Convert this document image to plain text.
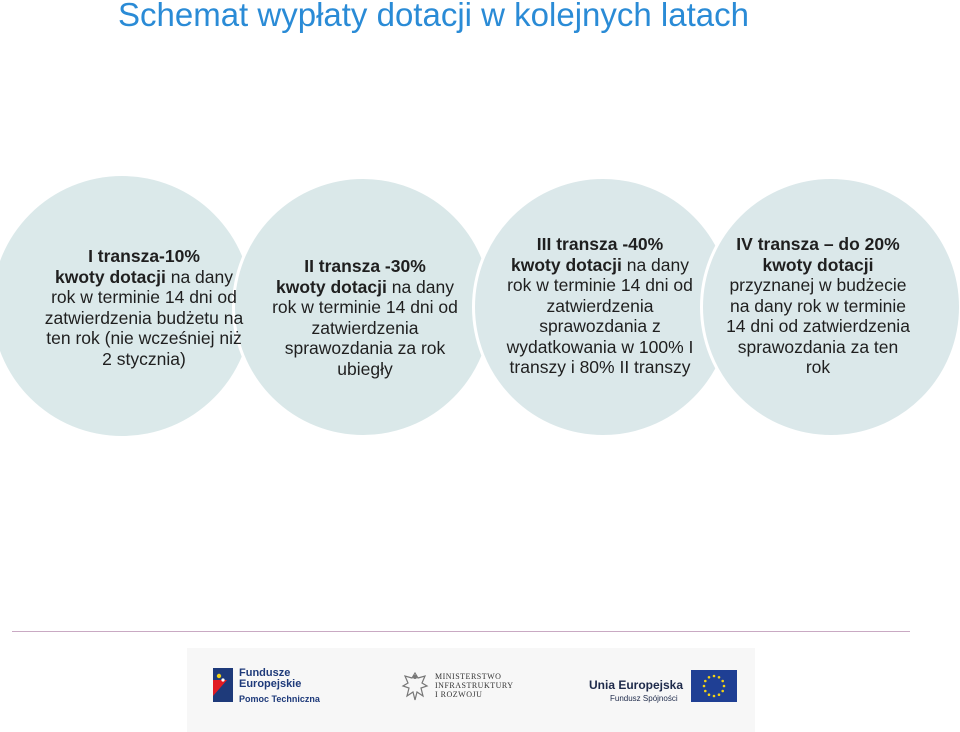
Schemat wypłaty dotacji w kolejnych latach
I transza-10%
kwoty dotacji na dany rok w terminie 14 dni od zatwierdzenia budżetu na ten rok (nie wcześniej niż 2 stycznia)
II transza -30%
kwoty dotacji na dany rok w terminie 14 dni od zatwierdzenia sprawozdania za rok ubiegły
III transza -40%
kwoty dotacji na dany rok w terminie 14 dni od zatwierdzenia sprawozdania z wydatkowania w 100% I transzy i 80% II transzy
IV transza – do 20% kwoty dotacji przyznanej w budżecie na dany rok w terminie 14 dni od zatwierdzenia sprawozdania za ten rok
Fundusze
Europejskie
Pomoc Techniczna
MINISTERSTWO
INFRASTRUKTURY
I ROZWOJU
Unia Europejska
Fundusz Spójności
